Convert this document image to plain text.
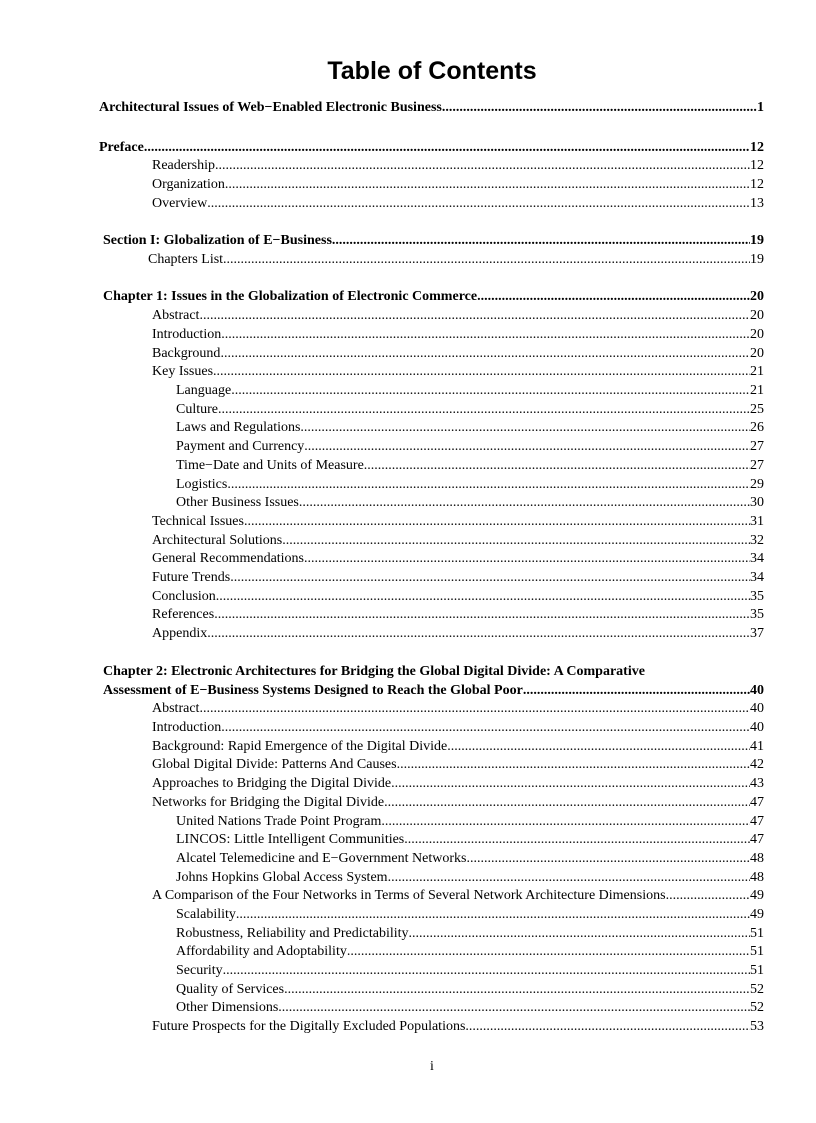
Table of Contents
Architectural Issues of Web−Enabled Electronic Business .....	1
Preface .....	12
Readership .....	12
Organization .....	12
Overview .....	13
Section I: Globalization of E−Business .....	19
Chapters List .....	19
Chapter 1: Issues in the Globalization of Electronic Commerce .....	20
Abstract .....	20
Introduction .....	20
Background .....	20
Key Issues .....	21
Language .....	21
Culture .....	25
Laws and Regulations .....	26
Payment and Currency .....	27
Time−Date and Units of Measure .....	27
Logistics .....	29
Other Business Issues .....	30
Technical Issues .....	31
Architectural Solutions .....	32
General Recommendations .....	34
Future Trends .....	34
Conclusion .....	35
References .....	35
Appendix .....	37
Chapter 2: Electronic Architectures for Bridging the Global Digital Divide: A Comparative
Assessment of E−Business Systems Designed to Reach the Global Poor .....	40
Abstract .....	40
Introduction .....	40
Background: Rapid Emergence of the Digital Divide .....	41
Global Digital Divide: Patterns And Causes .....	42
Approaches to Bridging the Digital Divide .....	43
Networks for Bridging the Digital Divide .....	47
United Nations Trade Point Program .....	47
LINCOS: Little Intelligent Communities .....	47
Alcatel Telemedicine and E−Government Networks .....	48
Johns Hopkins Global Access System .....	48
A Comparison of the Four Networks in Terms of Several Network Architecture Dimensions .....	49
Scalability .....	49
Robustness, Reliability and Predictability .....	51
Affordability and Adoptability .....	51
Security .....	51
Quality of Services .....	52
Other Dimensions .....	52
Future Prospects for the Digitally Excluded Populations .....	53
i
